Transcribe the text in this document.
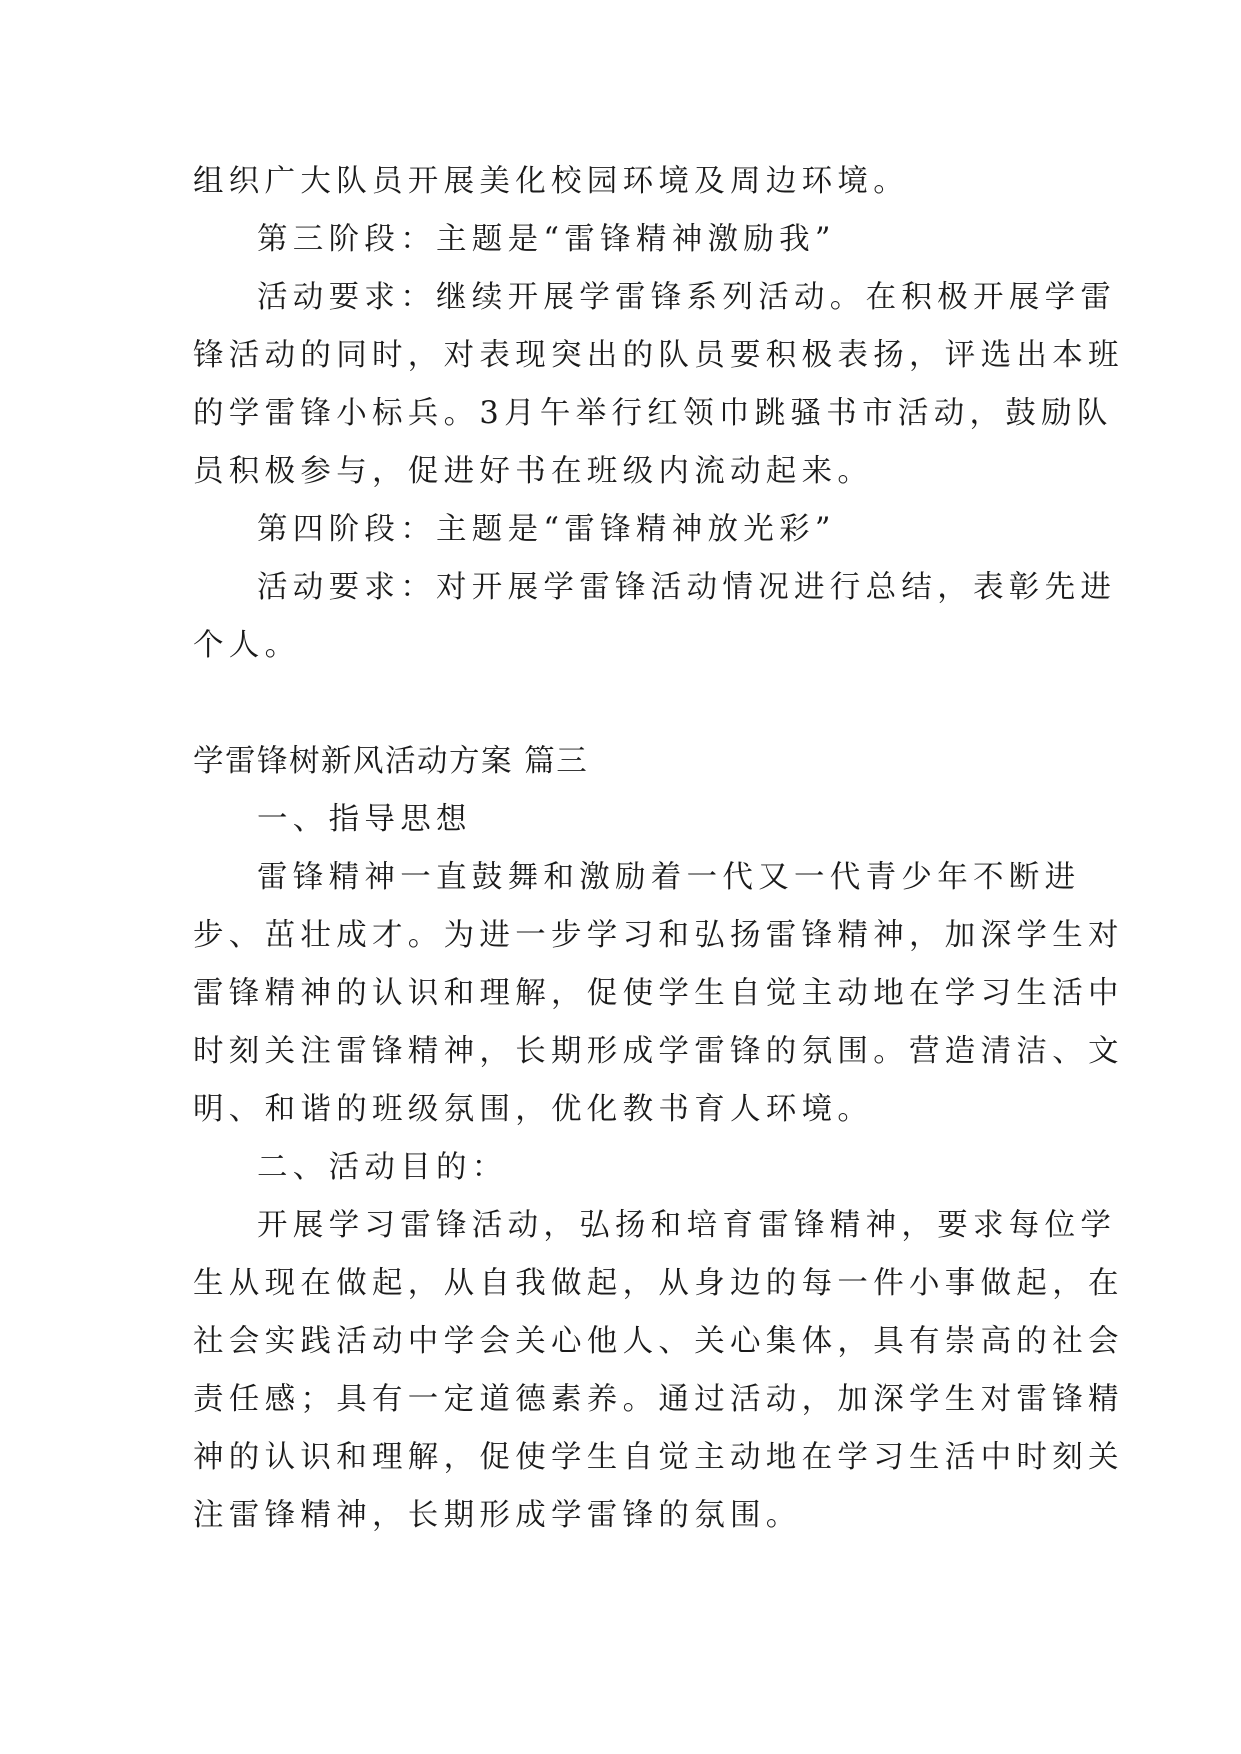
组织广大队员开展美化校园环境及周边环境。
第三阶段：主题是“雷锋精神激励我”
活动要求：继续开展学雷锋系列活动。在积极开展学雷
锋活动的同时，对表现突出的队员要积极表扬，评选出本班
的学雷锋小标兵。3月午举行红领巾跳骚书市活动，鼓励队
员积极参与，促进好书在班级内流动起来。
第四阶段：主题是“雷锋精神放光彩”
活动要求：对开展学雷锋活动情况进行总结，表彰先进
个人。
学雷锋树新风活动方案 篇三
一、指导思想
雷锋精神一直鼓舞和激励着一代又一代青少年不断进
步、茁壮成才。为进一步学习和弘扬雷锋精神，加深学生对
雷锋精神的认识和理解，促使学生自觉主动地在学习生活中
时刻关注雷锋精神，长期形成学雷锋的氛围。营造清洁、文
明、和谐的班级氛围，优化教书育人环境。
二、活动目的：
开展学习雷锋活动，弘扬和培育雷锋精神，要求每位学
生从现在做起，从自我做起，从身边的每一件小事做起，在
社会实践活动中学会关心他人、关心集体，具有崇高的社会
责任感；具有一定道德素养。通过活动，加深学生对雷锋精
神的认识和理解，促使学生自觉主动地在学习生活中时刻关
注雷锋精神，长期形成学雷锋的氛围。
